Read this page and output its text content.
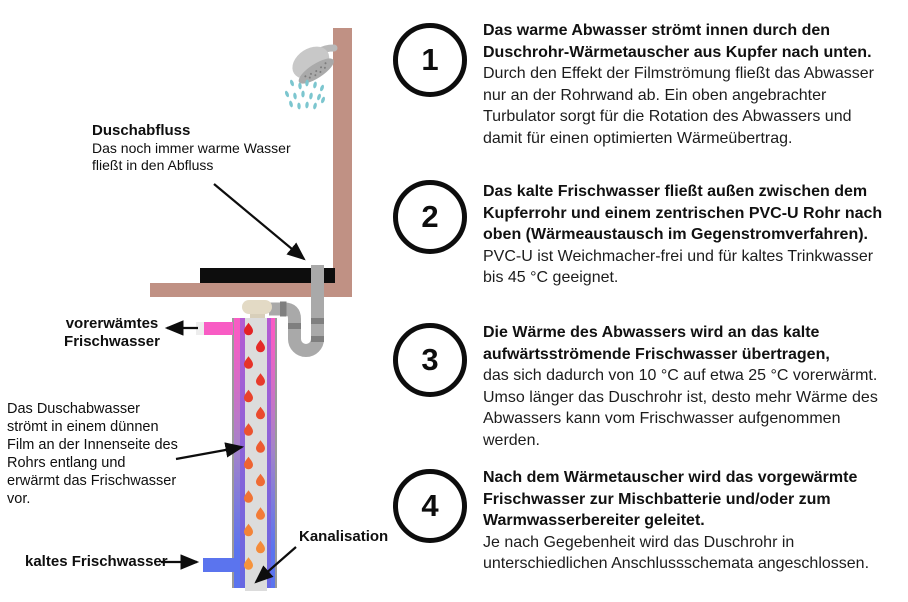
Duschabfluss
Das noch immer warme Wasser
fließt in den Abfluss
vorerwämtes
Frischwasser
Das Duschabwasser
strömt in einem dünnen
Film an der Innenseite des
Rohrs entlang und
erwärmt das Frischwasser
vor.
kaltes Frischwasser
Kanalisation
1
Das warme Abwasser strömt innen durch den Duschrohr-Wärmetauscher aus Kupfer nach unten.
Durch den Effekt der Filmströmung fließt das Abwasser nur an der Rohrwand ab. Ein oben angebrachter Turbulator sorgt für die Rotation des Abwassers und damit für einen optimierten Wärmeübertrag.
2
Das kalte Frischwasser fließt außen zwischen dem Kupferrohr und einem zentrischen PVC-U Rohr nach oben (Wärmeaustausch im Gegenstromverfahren).
PVC-U ist Weichmacher-frei und für kaltes Trinkwasser bis 45 °C geeignet.
3
Die Wärme des Abwassers wird an das kalte aufwärtsströmende Frischwasser übertragen,
das sich dadurch von 10 °C auf etwa 25 °C vorerwärmt. Umso länger das Duschrohr ist, desto mehr Wärme des Abwassers kann vom Frischwasser aufgenommen werden.
4
Nach dem Wärmetauscher wird das vorgewärmte Frischwasser zur Mischbatterie und/oder zum Warmwasserbereiter geleitet.
Je nach Gegebenheit wird das Duschrohr in unterschiedlichen Anschlussschemata angeschlossen.
